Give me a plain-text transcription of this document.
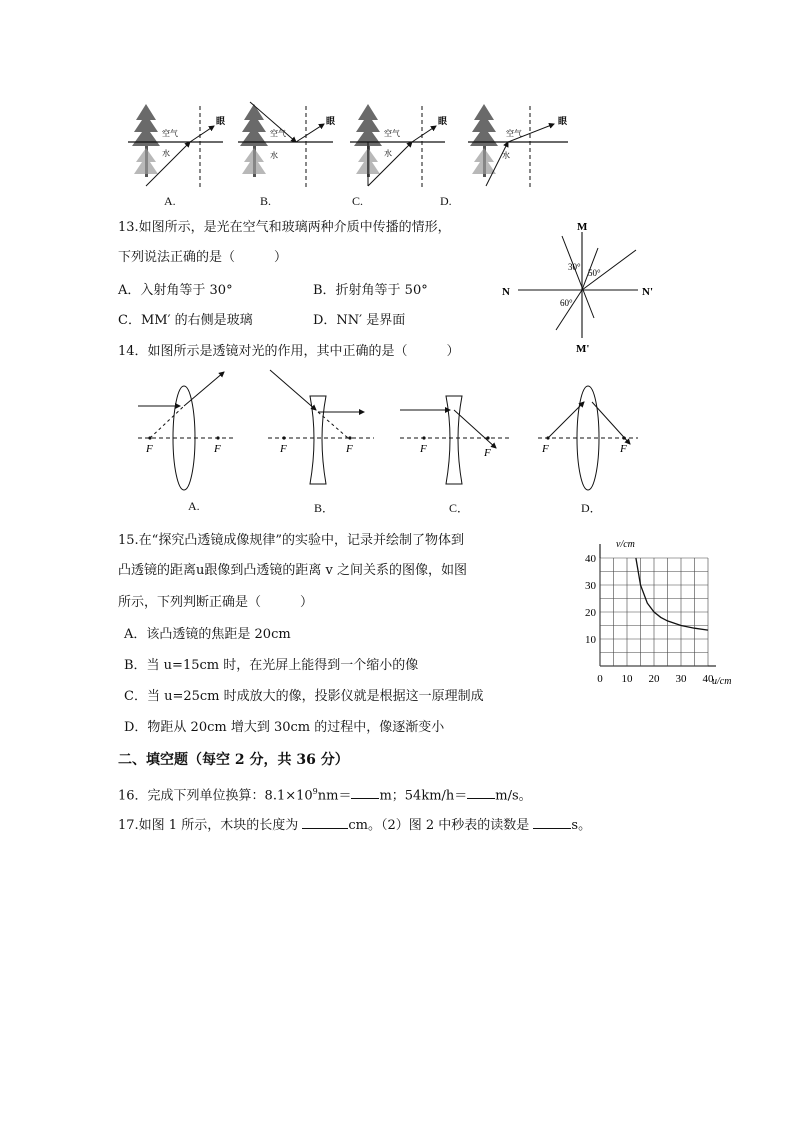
空气
水
眼
空气
水
眼
空气
水
眼
空气
水
眼
A.	B.	C.	D.
13.如图所示，是光在空气和玻璃两种介质中传播的情形，
下列说法正确的是（　　　）
A．入射角等于 30°	B．折射角等于 50°
C．MM′ 的右侧是玻璃	D．NN′ 是界面
M
M'
N	N'
30°
50°
60°
14．如图所示是透镜对光的作用，其中正确的是（　　　）
F	F	F	F	F	F	F	F
A.	B．	C．	D．
15.在“探究凸透镜成像规律”的实验中，记录并绘制了物体到
凸透镜的距离u跟像到凸透镜的距离 v 之间关系的图像，如图
所示，下列判断正确是（　　　）
A．该凸透镜的焦距是 20cm
B．当 u=15cm 时，在光屏上能得到一个缩小的像
C．当 u=25cm 时成放大的像，投影仪就是根据这一原理制成
D．物距从 20cm 增大到 30cm 的过程中，像逐渐变小
0 10 20 30 40
10
20
30
40
v/cm
u/cm
二、填空题（每空 2 分，共 36 分）
16．完成下列单位换算：$8.1\times 10^9nm= m$；54km/h＝ m/s。
17.如图 1 所示，木块的长度为	cm。（2）图 2 中秒表的读数是	s。
